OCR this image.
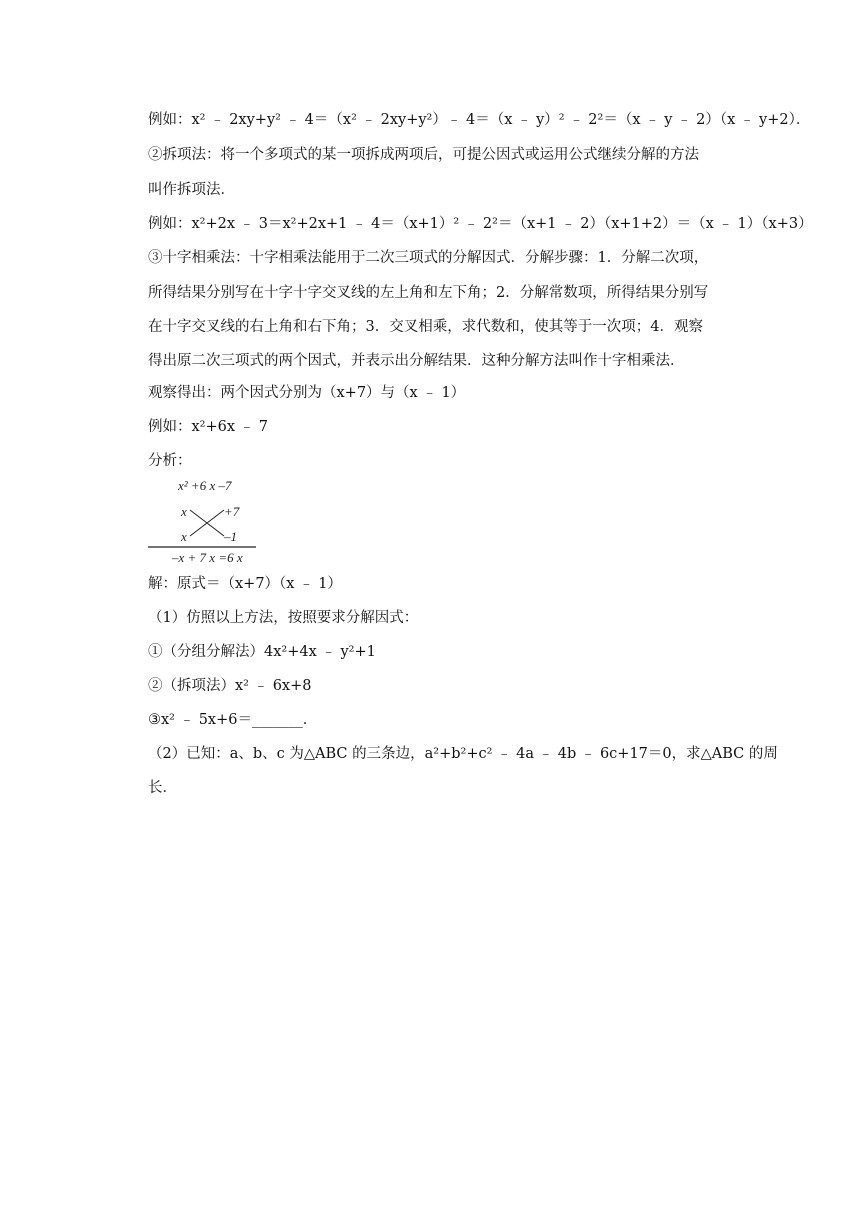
例如：x² ﹣ 2xy+y² ﹣ 4＝（x² ﹣ 2xy+y²）﹣ 4＝（x ﹣ y）² ﹣ 2²＝（x ﹣ y ﹣ 2）（x ﹣ y+2）．
②拆项法：将一个多项式的某一项拆成两项后，可提公因式或运用公式继续分解的方法
叫作拆项法．
例如：x²+2x ﹣ 3＝x²+2x+1 ﹣ 4＝（x+1）² ﹣ 2²＝（x+1 ﹣ 2）（x+1+2）＝（x ﹣ 1）（x+3）
③十字相乘法：十字相乘法能用于二次三项式的分解因式．分解步骤：1．分解二次项，
所得结果分别写在十字十字交叉线的左上角和左下角；2．分解常数项，所得结果分别写
在十字交叉线的右上角和右下角；3．交叉相乘，求代数和，使其等于一次项；4．观察
得出原二次三项式的两个因式，并表示出分解结果．这种分解方法叫作十字相乘法．
观察得出：两个因式分别为（x+7）与（x ﹣ 1）
例如：x²+6x ﹣ 7
分析：
x² +6 x –7
x	+7
x	–1
–x + 7 x =6 x
解：原式＝（x+7）（x ﹣ 1）
（1）仿照以上方法，按照要求分解因式：
①（分组分解法）4x²+4x ﹣ y²+1
②（拆项法）x² ﹣ 6x+8
③x² ﹣ 5x+6＝_______．
（2）已知：a、b、c 为△ABC 的三条边，a²+b²+c² ﹣ 4a ﹣ 4b ﹣ 6c+17＝0，求△ABC 的周
长．
